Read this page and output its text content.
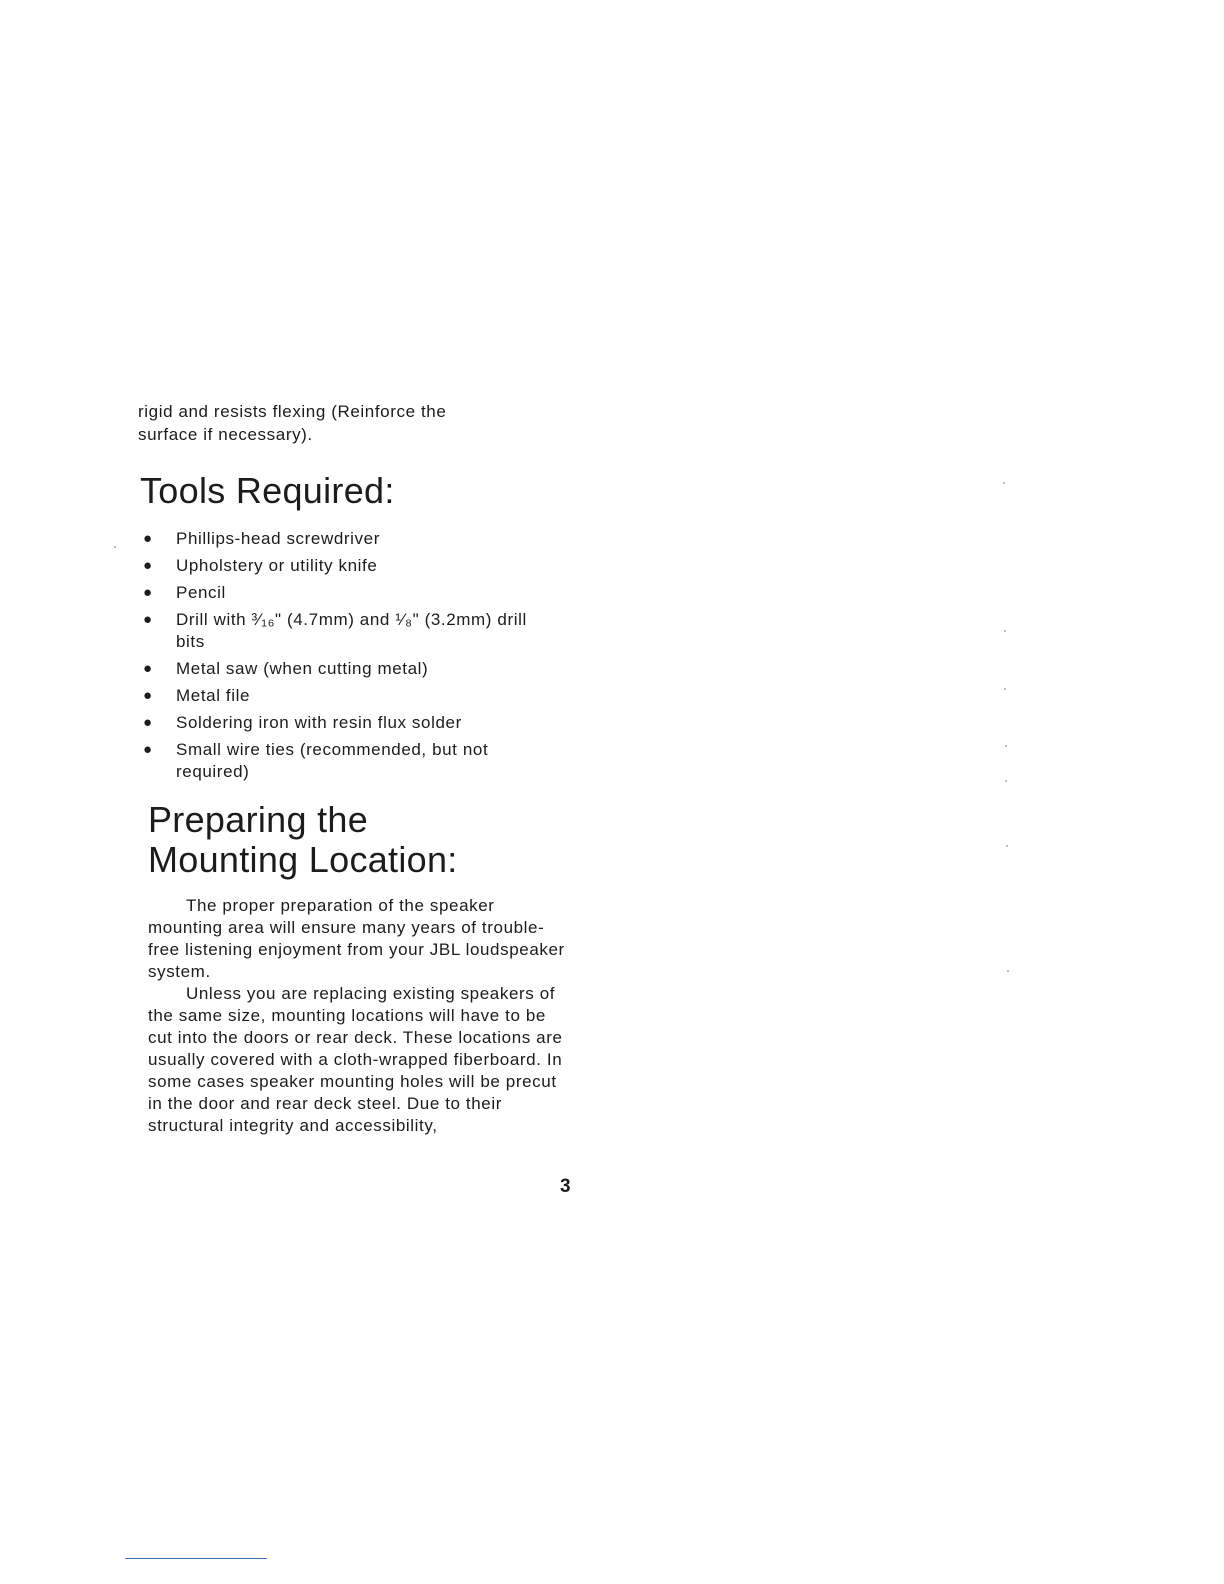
rigid and resists flexing (Reinforce the

surface if necessary).

Tools Required:
● Phillips-head screwdriver
● Upholstery or utility knife
● Pencil
● Drill with ³⁄₁₆" (4.7mm) and ¹⁄₈" (3.2mm) drill bits
● Metal saw (when cutting metal)
● Metal file
● Soldering iron with resin flux solder
● Small wire ties (recommended, but not required)
Preparing the
Mounting Location:

The proper preparation of the speaker mounting area will ensure many years of trouble-free listening enjoyment from your JBL loudspeaker system.

Unless you are replacing existing speakers of the same size, mounting locations will have to be cut into the doors or rear deck. These locations are usually covered with a cloth-wrapped fiberboard. In some cases speaker mounting holes will be precut in the door and rear deck steel. Due to their structural integrity and accessibility,

3
